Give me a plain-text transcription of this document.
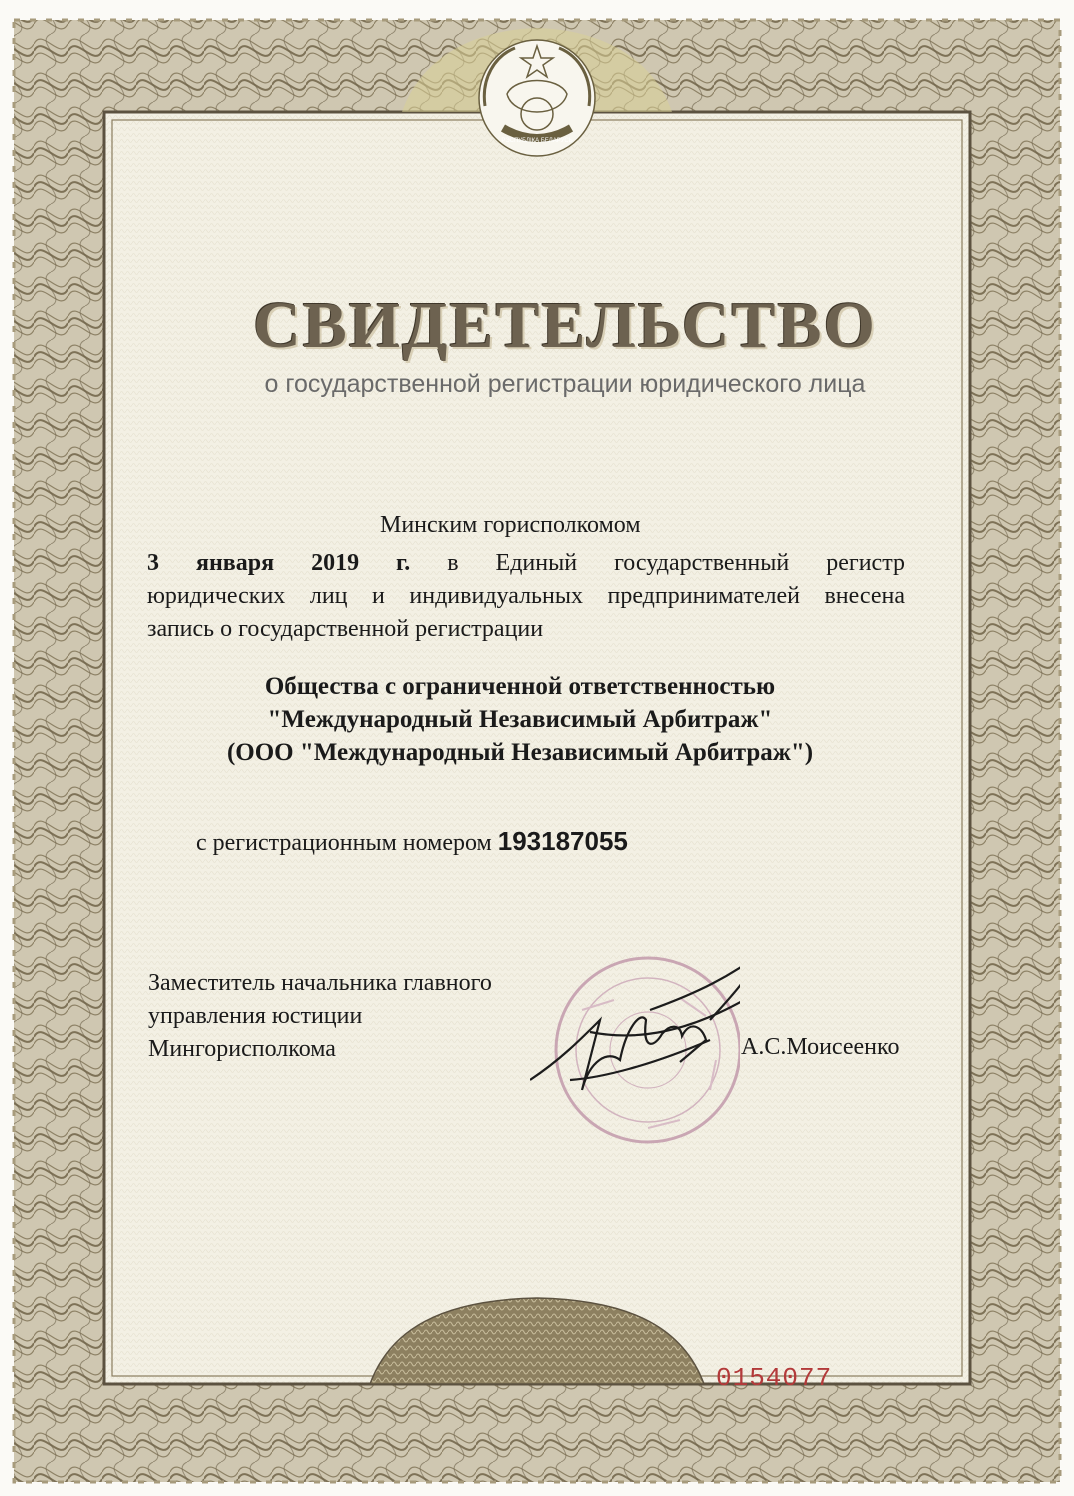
РЭСПУБЛІКА БЕЛАРУСЬ
СВИДЕТЕЛЬСТВО
о государственной регистрации юридического лица
Минским горисполкомом
3 января 2019 г. в Единый государственный регистр
юридических лиц и индивидуальных предпринимателей внесена
запись о государственной регистрации
Общества с ограниченной ответственностью
"Международный Независимый Арбитраж"
(ООО "Международный Независимый Арбитраж")
с регистрационным номером 193187055
Заместитель начальника главного
управления юстиции
Мингорисполкома	А.С.Моисеенко
0154077
